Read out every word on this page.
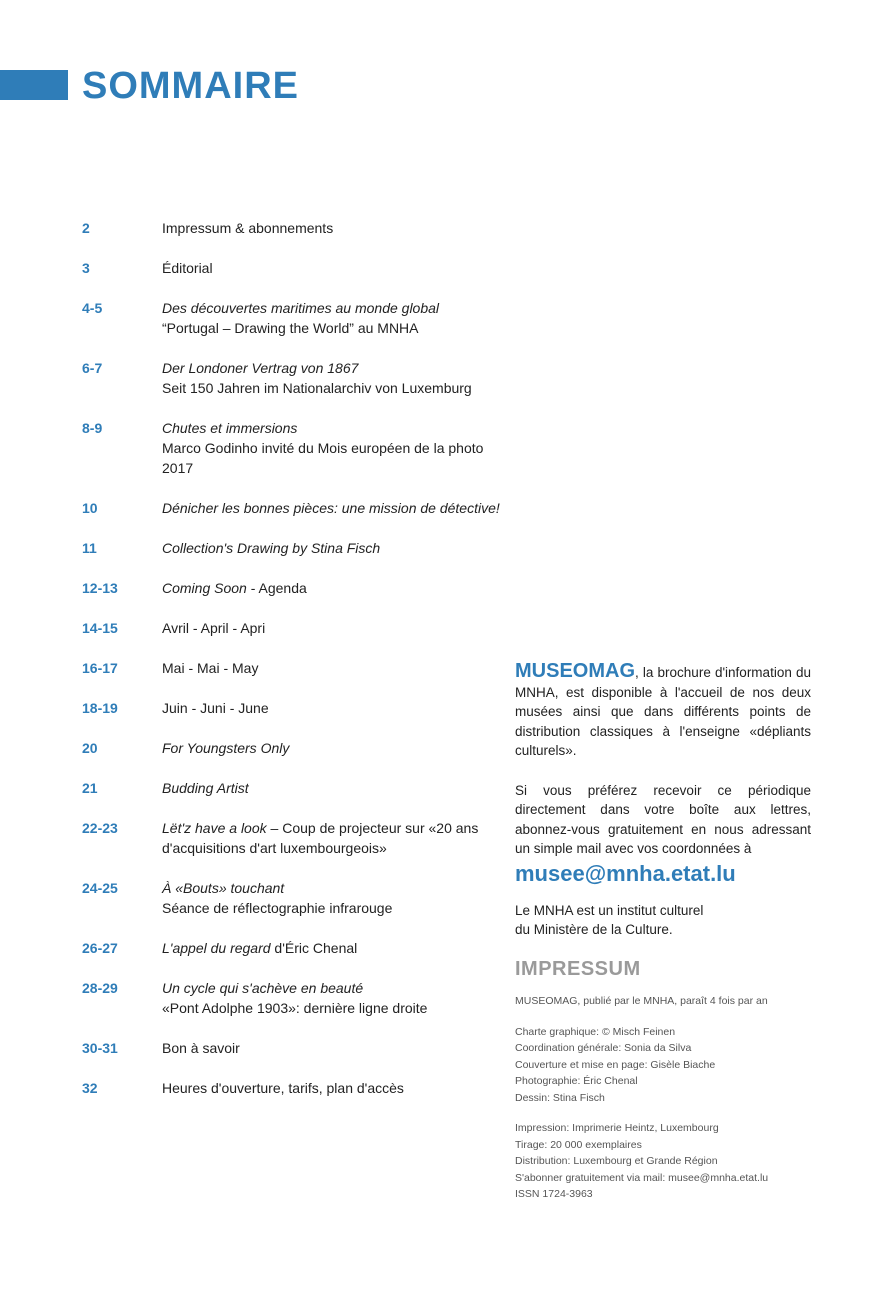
SOMMAIRE
2	Impressum & abonnements
3	Éditorial
4-5	Des découvertes maritimes au monde global
“Portugal – Drawing the World” au MNHA
6-7	Der Londoner Vertrag von 1867
Seit 150 Jahren im Nationalarchiv von Luxemburg
8-9	Chutes et immersions
Marco Godinho invité du Mois européen de la photo 2017
10	Dénicher les bonnes pièces: une mission de détective!
11	Collection's Drawing by Stina Fisch
12-13	Coming Soon - Agenda
14-15	Avril - April - Apri
16-17	Mai - Mai - May
18-19	Juin - Juni - June
20	For Youngsters Only
21	Budding Artist
22-23	Lët'z have a look – Coup de projecteur sur «20 ans d'acquisitions d'art luxembourgeois»
24-25	À «Bouts» touchant
Séance de réflectographie infrarouge
26-27	L'appel du regard d'Éric Chenal
28-29	Un cycle qui s'achève en beauté
«Pont Adolphe 1903»: dernière ligne droite
30-31	Bon à savoir
32	Heures d'ouverture, tarifs, plan d'accès

MUSEOMAG, la brochure d'information du MNHA, est disponible à l'accueil de nos deux musées ainsi que dans différents points de distribution classiques à l'enseigne «dépliants culturels».

Si vous préférez recevoir ce périodique directement dans votre boîte aux lettres, abonnez-vous gratuitement en nous adressant un simple mail avec vos coordonnées à

musee@mnha.etat.lu

Le MNHA est un institut culturel

du Ministère de la Culture.

IMPRESSUM
MUSEOMAG, publié par le MNHA, paraît 4 fois par an
Charte graphique: © Misch Feinen
Coordination générale: Sonia da Silva
Couverture et mise en page: Gisèle Biache
Photographie: Éric Chenal
Dessin: Stina Fisch
Impression: Imprimerie Heintz, Luxembourg
Tirage: 20 000 exemplaires
Distribution: Luxembourg et Grande Région
S'abonner gratuitement via mail: musee@mnha.etat.lu
ISSN 1724-3963
